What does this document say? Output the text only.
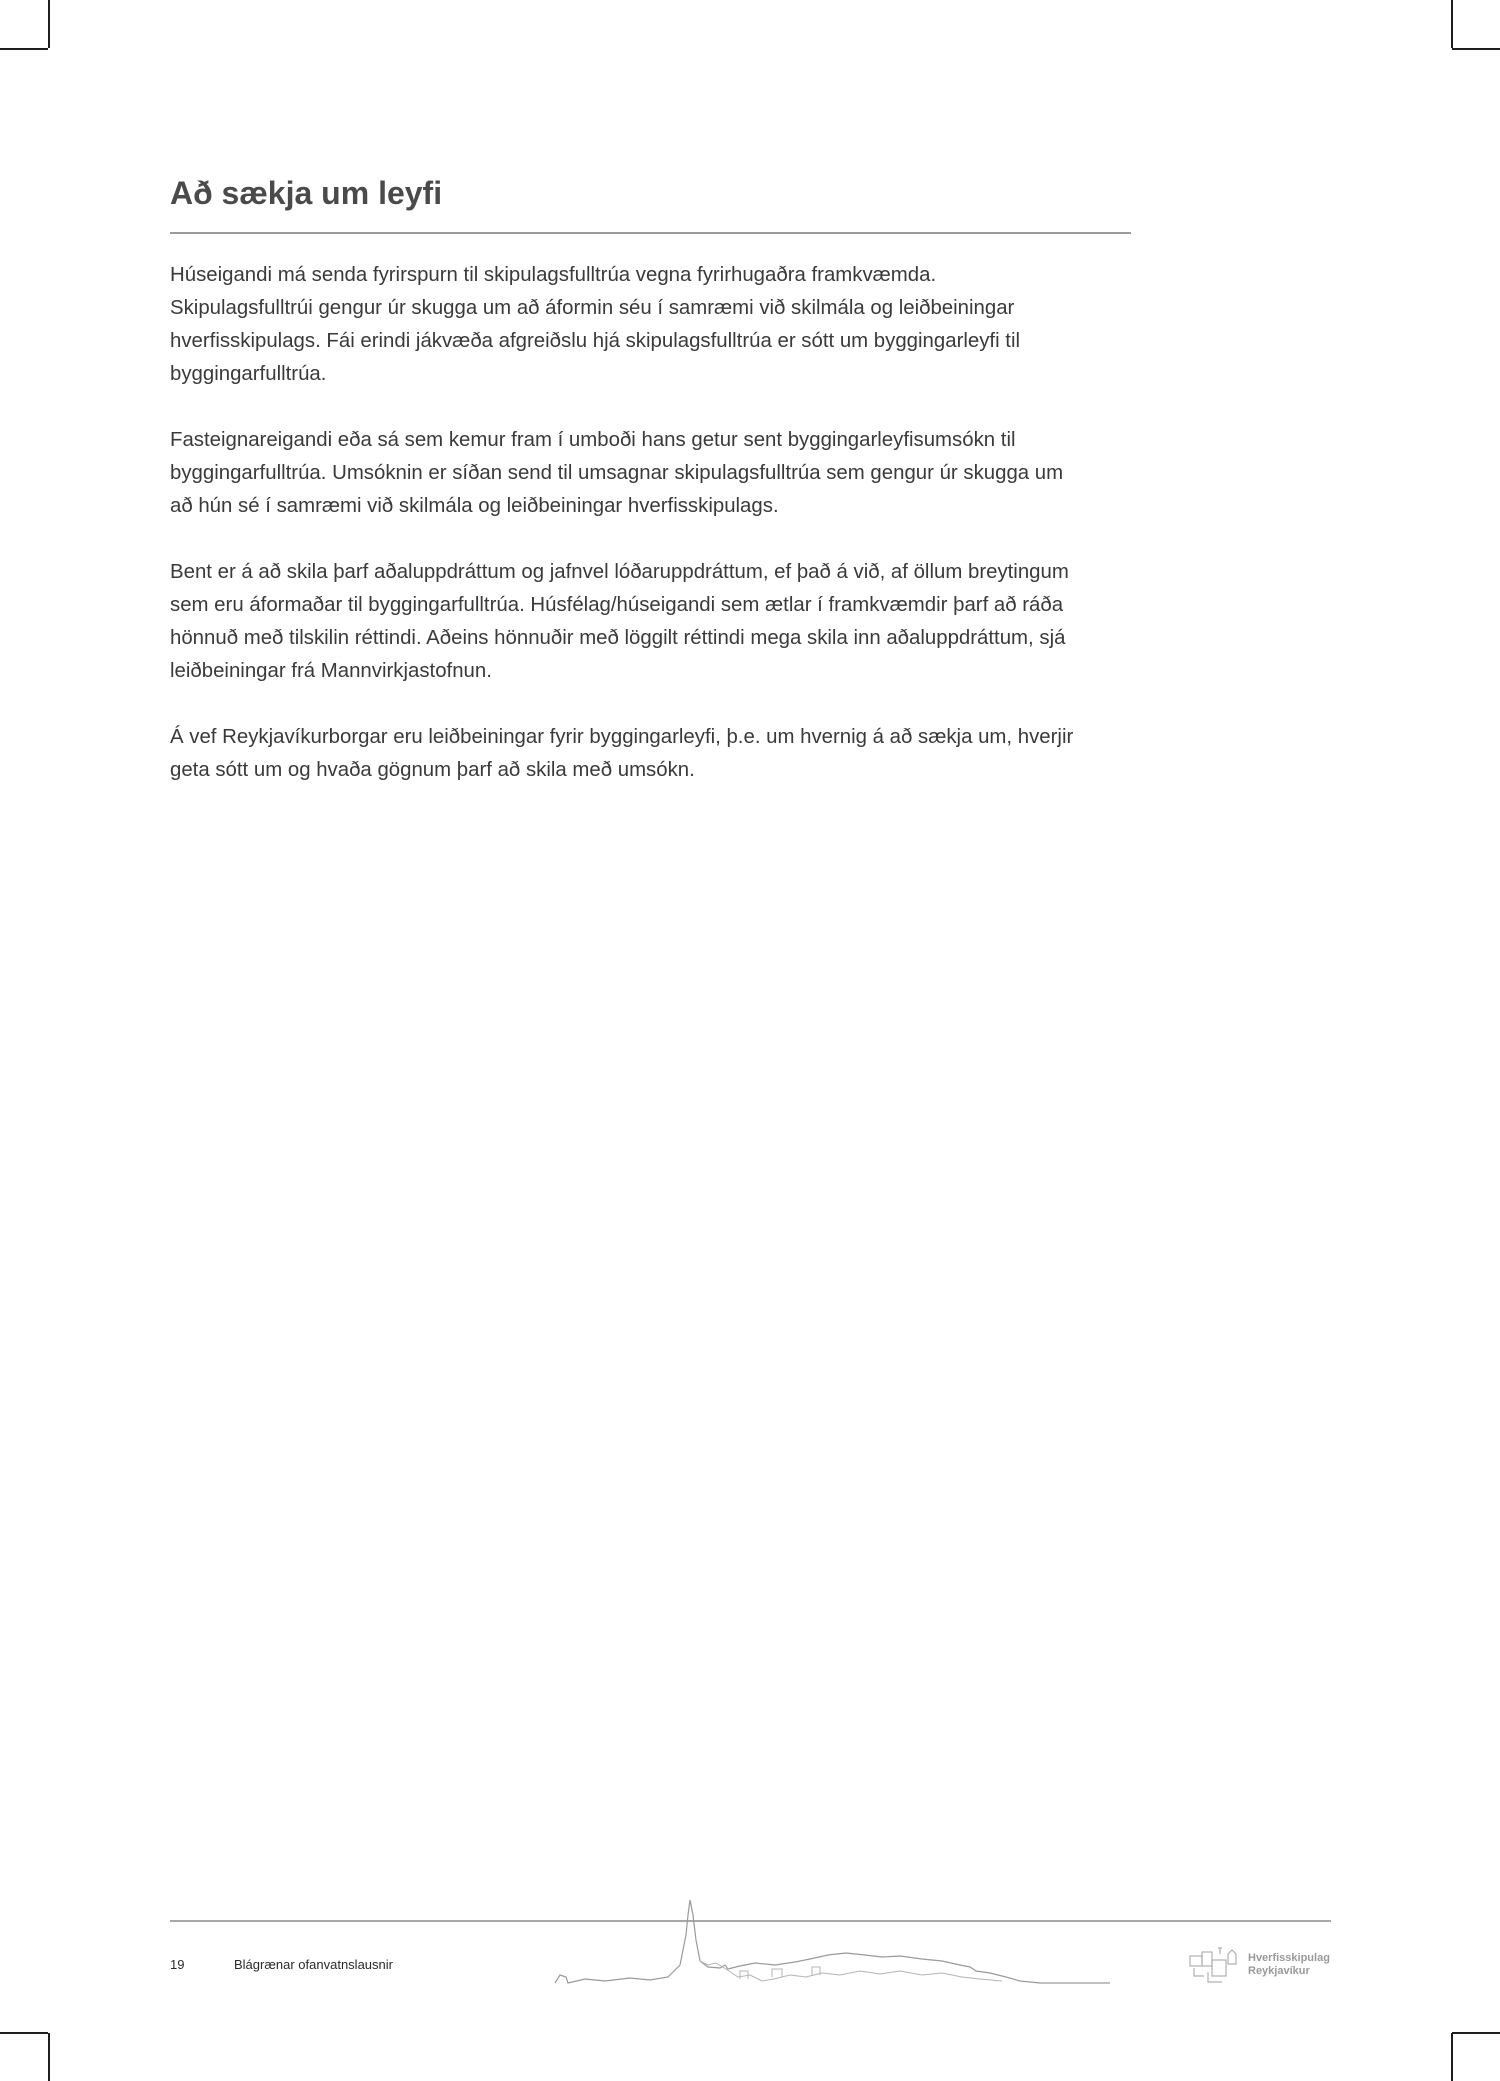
Að sækja um leyfi

Húseigandi má senda fyrirspurn til skipulagsfulltrúa vegna fyrirhugaðra framkvæmda.
Skipulagsfulltrúi gengur úr skugga um að áformin séu í samræmi við skilmála og leiðbeiningar
hverfisskipulags. Fái erindi jákvæða afgreiðslu hjá skipulagsfulltrúa er sótt um byggingarleyfi til
byggingarfulltrúa.

Fasteignareigandi eða sá sem kemur fram í umboði hans getur sent byggingarleyfisumsókn til
byggingarfulltrúa. Umsóknin er síðan send til umsagnar skipulagsfulltrúa sem gengur úr skugga um
að hún sé í samræmi við skilmála og leiðbeiningar hverfisskipulags.

Bent er á að skila þarf aðaluppdráttum og jafnvel lóðaruppdráttum, ef það á við, af öllum breytingum
sem eru áformaðar til byggingarfulltrúa. Húsfélag/húseigandi sem ætlar í framkvæmdir þarf að ráða
hönnuð með tilskilin réttindi. Aðeins hönnuðir með löggilt réttindi mega skila inn aðaluppdráttum, sjá
leiðbeiningar frá Mannvirkjastofnun.

Á vef Reykjavíkurborgar eru leiðbeiningar fyrir byggingarleyfi, þ.e. um hvernig á að sækja um, hverjir
geta sótt um og hvaða gögnum þarf að skila með umsókn.

19	Blágrænar ofanvatnslausnir	Hverfisskipulag
Reykjavíkur
